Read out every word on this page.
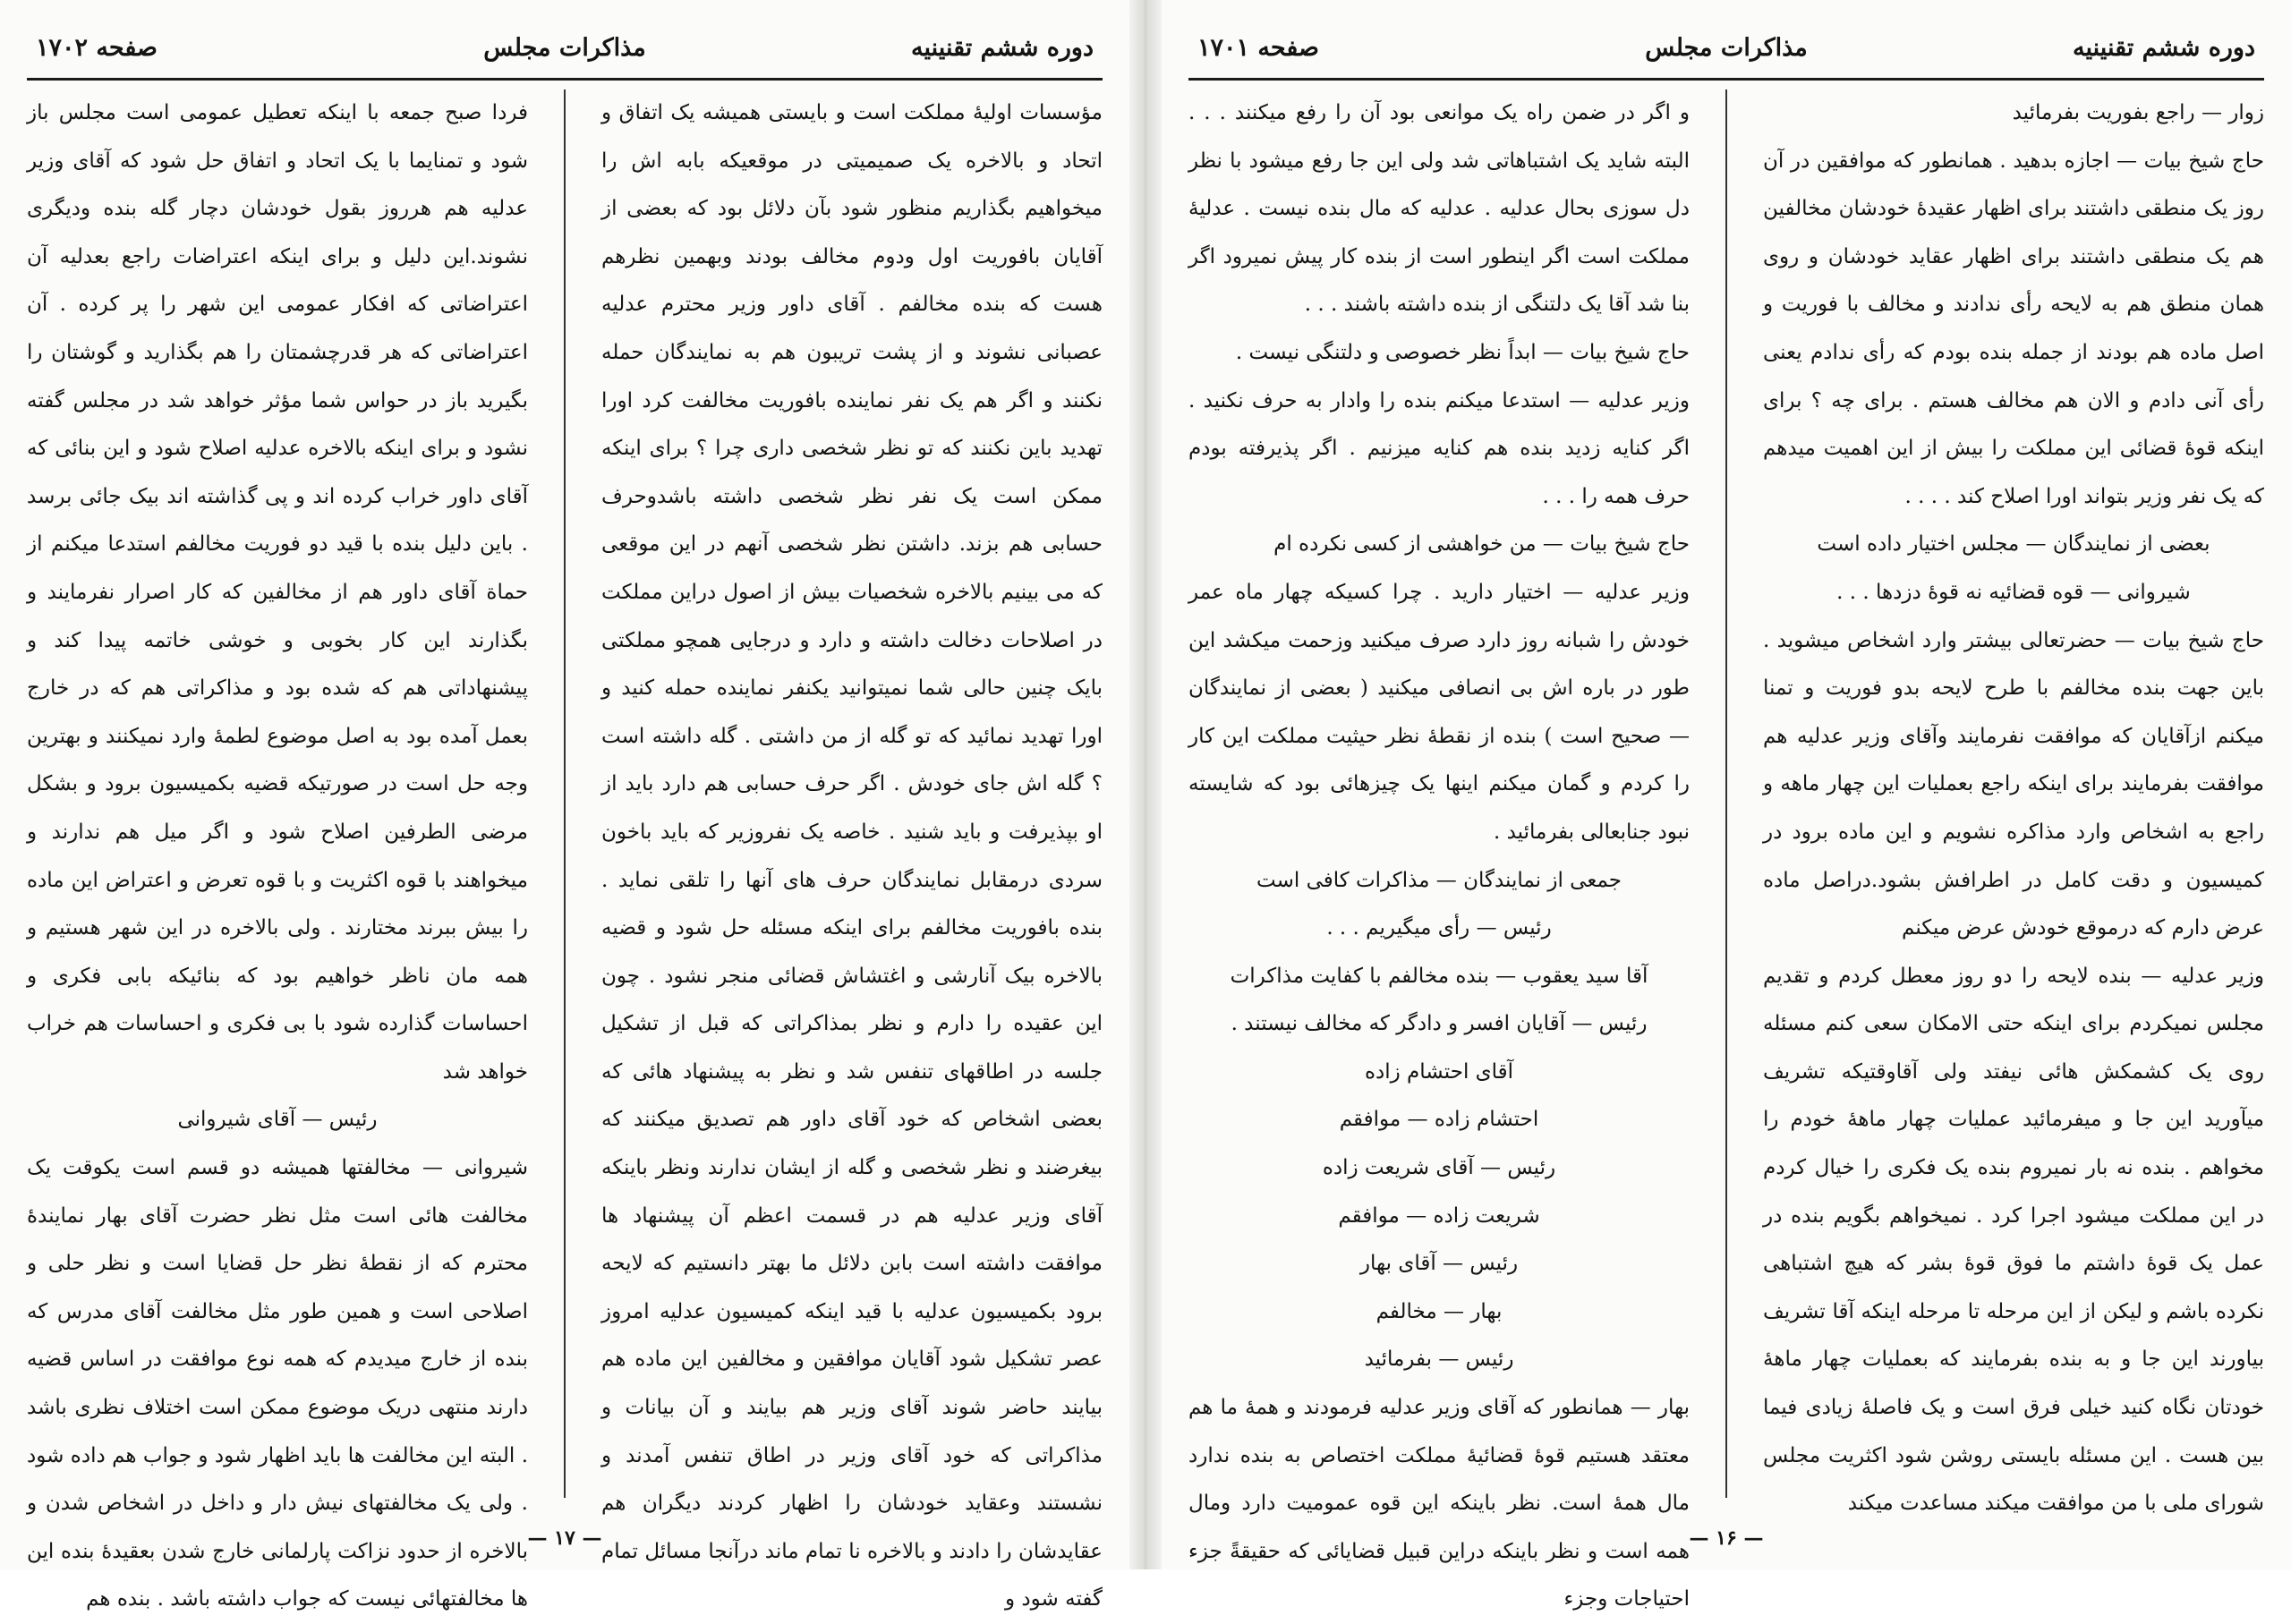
دوره ششم تقنينيه
مذاکرات مجلس
صفحه ۱۷۰۲

مؤسسات اولیهٔ مملکت است و بایستی همیشه یک اتفاق و اتحاد و بالاخره یک صمیمیتی در موقعیکه بابه اش را میخواهیم بگذاریم منظور شود بآن دلائل بود که بعضی از آقایان بافوریت اول ودوم مخالف بودند وبهمین نظرهم هست که بنده مخالفم . آقای داور وزیر محترم عدلیه عصبانی نشوند و از پشت تریبون هم به نمایندگان حمله نکنند و اگر هم یک نفر نماینده بافوریت مخالفت کرد اورا تهدید باین نکنند که تو نظر شخصی داری چرا ؟ برای اینکه ممکن است یک نفر نظر شخصی داشته باشدوحرف حسابی هم بزند. داشتن نظر شخصی آنهم در این موقعی که می بینیم بالاخره شخصیات بیش از اصول دراین مملکت در اصلاحات دخالت داشته و دارد و درجایی همچو مملکتی بایک چنین حالی شما نمیتوانید یکنفر نماینده حمله کنید و اورا تهدید نمائید که تو گله از من داشتی . گله داشته است ؟ گله اش جای خودش . اگر حرف حسابی هم دارد باید از او بپذیرفت و باید شنید . خاصه یک نفروزیر که باید باخون سردی درمقابل نمایندگان حرف های آنها را تلقی نماید . بنده بافوریت مخالفم برای اینکه مسئله حل شود و قضیه بالاخره بیک آنارشی و اغتشاش قضائی منجر نشود . چون این عقیده را دارم و نظر بمذاکراتی که قبل از تشکیل جلسه در اطاقهای تنفس شد و نظر به پیشنهاد هائی که بعضی اشخاص که خود آقای داور هم تصدیق میکنند که بیغرضند و نظر شخصی و گله از ایشان ندارند ونظر باینکه آقای وزیر عدلیه هم در قسمت اعظم آن پیشنهاد ها موافقت داشته است بابن دلائل ما بهتر دانستیم که لایحه برود بکمیسیون عدلیه با قید اینکه کمیسیون عدلیه امروز عصر تشکیل شود آقایان موافقین و مخالفین این ماده هم بیایند حاضر شوند آقای وزیر هم بیایند و آن بیانات و مذاکراتی که خود آقای وزیر در اطاق تنفس آمدند و نشستند وعقاید خودشان را اظهار کردند دیگران هم عقایدشان را دادند و بالاخره نا تمام ماند درآنجا مسائل تمام گفته شود و

فردا صبح جمعه با اینکه تعطیل عمومی است مجلس باز شود و تمنایما با یک اتحاد و اتفاق حل شود که آقای وزیر عدلیه هم هرروز بقول خودشان دچار گله بنده ودیگری نشوند.این دلیل و برای اینکه اعتراضات راجع بعدلیه آن اعتراضاتی که افکار عمومی این شهر را پر کرده . آن اعتراضاتی که هر قدرچشمتان را هم بگذارید و گوشتان را بگیرید باز در حواس شما مؤثر خواهد شد در مجلس گفته نشود و برای اینکه بالاخره عدلیه اصلاح شود و این بنائی که آقای داور خراب کرده اند و پی گذاشته اند بیک جائی برسد . باین دلیل بنده با قید دو فوریت مخالفم استدعا میکنم از حماة آقای داور هم از مخالفین که کار اصرار نفرمایند و بگذارند این کار بخوبی و خوشی خاتمه پیدا کند و پیشنهاداتی هم که شده بود و مذاکراتی هم که در خارج بعمل آمده بود به اصل موضوع لطمهٔ وارد نمیکنند و بهترین وجه حل است در صورتیکه قضیه بکمیسیون برود و بشکل مرضی الطرفین اصلاح شود و اگر میل هم ندارند و میخواهند با قوه اکثریت و با قوه تعرض و اعتراض این ماده را بیش ببرند مختارند . ولی بالاخره در این شهر هستیم و همه مان ناظر خواهیم بود که بنائیکه بابی فکری و احساسات گذارده شود با بی فکری و احساسات هم خراب خواهد شد

رئیس — آقای شیروانی

شیروانی — مخالفتها همیشه دو قسم است یکوقت یک مخالفت هائی است مثل نظر حضرت آقای بهار نمایندهٔ محترم که از نقطهٔ نظر حل قضایا است و نظر حلی و اصلاحی است و همین طور مثل مخالفت آقای مدرس که بنده از خارج میدیدم که همه نوع موافقت در اساس قضیه دارند منتهی دریک موضوع ممکن است اختلاف نظری باشد . البته این مخالفت ها باید اظهار شود و جواب هم داده شود . ولی یک مخالفتهای نیش دار و داخل در اشخاص شدن و بالاخره از حدود نزاکت پارلمانی خارج شدن بعقیدهٔ بنده این ها مخالفتهائی نیست که جواب داشته باشد . بنده هم

— ۱۷ —
دوره ششم تقنینیه
مذاکرات مجلس
صفحه ۱۷۰۱

زوار — راجع بفوریت بفرمائید

حاج شیخ بیات — اجازه بدهید . همانطور که موافقین در آن روز یک منطقی داشتند برای اظهار عقیدهٔ خودشان مخالفین هم یک منطقی داشتند برای اظهار عقاید خودشان و روی همان منطق هم به لایحه رأی ندادند و مخالف با فوریت و اصل ماده هم بودند از جمله بنده بودم که رأی ندادم یعنی رأی آنی دادم و الان هم مخالف هستم . برای چه ؟ برای اینکه قوهٔ قضائی این مملکت را بیش از این اهمیت میدهم که یک نفر وزیر بتواند اورا اصلاح کند . . . .

بعضی از نمایندگان — مجلس اختیار داده است

شیروانی — قوه قضائیه نه قوهٔ دزدها . . .

حاج شیخ بیات — حضرتعالی بیشتر وارد اشخاص میشوید . باین جهت بنده مخالفم با طرح لایحه بدو فوریت و تمنا میکنم ازآقایان که موافقت نفرمایند وآقای وزیر عدلیه هم موافقت بفرمایند برای اینکه راجع بعملیات این چهار ماهه و راجع به اشخاص وارد مذاکره نشویم و این ماده برود در کمیسیون و دقت کامل در اطرافش بشود.دراصل ماده عرض دارم که درموقع خودش عرض میکنم

وزیر عدلیه — بنده لایحه را دو روز معطل کردم و تقدیم مجلس نمیکردم برای اینکه حتی الامکان سعی کنم مسئله روی یک کشمکش هائی نیفتد ولی آقاوقتیکه تشریف میآورید این جا و میفرمائید عملیات چهار ماههٔ خودم را مخواهم . بنده نه بار نمیروم بنده یک فکری را خیال کردم در این مملکت میشود اجرا کرد . نمیخواهم بگویم بنده در عمل یک قوهٔ داشتم ما فوق قوهٔ بشر که هیچ اشتباهی نکرده باشم و لیکن از این مرحله تا مرحله اینکه آقا تشریف بیاورند این جا و به بنده بفرمایند که بعملیات چهار ماههٔ خودتان نگاه کنید خیلی فرق است و یک فاصلهٔ زیادی فیما بین هست . این مسئله بایستی روشن شود اکثریت مجلس شورای ملی با من موافقت میکند مساعدت میکند

و اگر در ضمن راه یک موانعی بود آن را رفع میکنند . . . البته شاید یک اشتباهاتی شد ولی این جا رفع میشود با نظر دل سوزی بحال عدلیه . عدلیه که مال بنده نیست . عدلیهٔ مملکت است اگر اینطور است از بنده کار پیش نمیرود اگر بنا شد آقا یک دلتنگی از بنده داشته باشند . . .

حاج شیخ بیات — ابداً نظر خصوصی و دلتنگی نیست .

وزیر عدلیه — استدعا میکنم بنده را وادار به حرف نکنید . اگر کنایه زدید بنده هم کنایه میزنیم . اگر پذیرفته بودم حرف همه را . . .

حاج شیخ بیات — من خواهشی از کسی نکرده ام

وزیر عدلیه — اختیار دارید . چرا کسیکه چهار ماه عمر خودش را شبانه روز دارد صرف میکنید وزحمت میکشد این طور در باره اش بی انصافی میکنید ( بعضی از نمایندگان — صحیح است ) بنده از نقطهٔ نظر حیثیت مملکت این کار را کردم و گمان میکنم اینها یک چیزهائی بود که شایسته نبود جنابعالی بفرمائید .

جمعی از نمایندگان — مذاکرات کافی است

رئیس — رأی میگیریم . . .

آقا سید یعقوب — بنده مخالفم با کفایت مذاکرات

رئیس — آقایان افسر و دادگر که مخالف نیستند .

آقای احتشام زاده

احتشام زاده — موافقم

رئیس — آقای شریعت زاده

شریعت زاده — موافقم

رئیس — آقای بهار

بهار — مخالفم

رئیس — بفرمائید

بهار — همانطور که آقای وزیر عدلیه فرمودند و همهٔ ما هم معتقد هستیم قوهٔ قضائیهٔ مملکت اختصاص به بنده ندارد مال همهٔ است. نظر باینکه این قوه عمومیت دارد ومال همه است و نظر باینکه دراین قبیل قضایائی که حقیقةً جزء احتیاجات وجزء

— ۱۶ —
